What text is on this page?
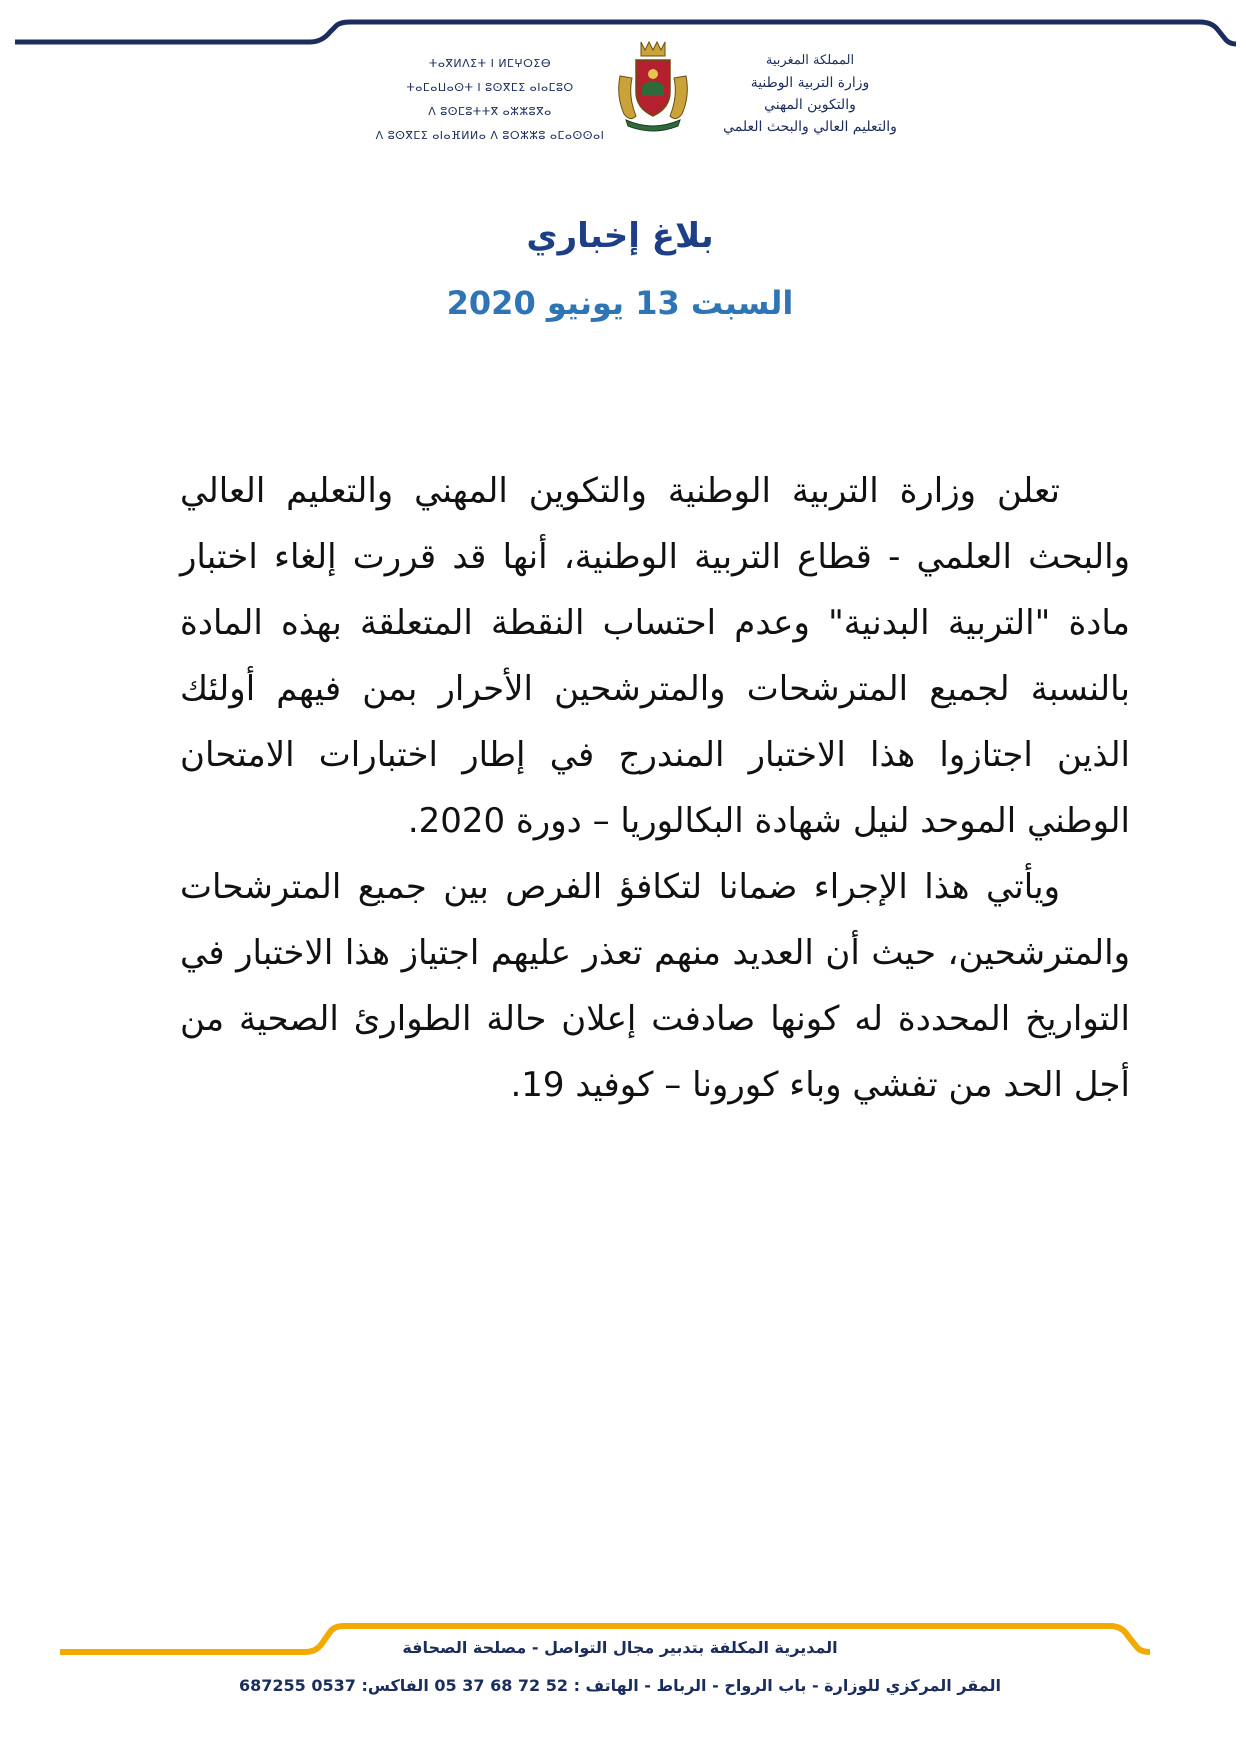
ⵜⴰⴳⵍⴷⵉⵜ ⵏ ⵍⵎⵖⵔⵉⴱ
ⵜⴰⵎⴰⵡⴰⵙⵜ ⵏ ⵓⵙⴳⵎⵉ ⴰⵏⴰⵎⵓⵔ
ⴷ ⵓⵙⵎⵓⵜⵜⴳ ⴰⵣⵣⵓⴳⴰ
ⴷ ⵓⵙⴳⵎⵉ ⴰⵏⴰⴼⵍⵍⴰ ⴷ ⵓⵔⵣⵣⵓ ⴰⵎⴰⵙⵙⴰⵏ
المملكة المغربية
وزارة التربية الوطنية
والتكوين المهني
والتعليم العالي والبحث العلمي
بلاغ إخباري
السبت 13 يونيو 2020

تعلن وزارة التربية الوطنية والتكوين المهني والتعليم العالي والبحث العلمي - قطاع التربية الوطنية، أنها قد قررت إلغاء اختبار مادة "التربية البدنية" وعدم احتساب النقطة المتعلقة بهذه المادة بالنسبة لجميع المترشحات والمترشحين الأحرار بمن فيهم أولئك الذين اجتازوا هذا الاختبار المندرج في إطار اختبارات الامتحان الوطني الموحد لنيل شهادة البكالوريا – دورة 2020.

ويأتي هذا الإجراء ضمانا لتكافؤ الفرص بين جميع المترشحات والمترشحين، حيث أن العديد منهم تعذر عليهم اجتياز هذا الاختبار في التواريخ المحددة له كونها صادفت إعلان حالة الطوارئ الصحية من أجل الحد من تفشي وباء كورونا – كوفيد 19.

المديرية المكلفة بتدبير مجال التواصل - مصلحة الصحافة
المقر المركزي للوزارة - باب الرواح - الرباط - الهاتف : 52 72 68 37 05 الفاكس: 0537 687255
